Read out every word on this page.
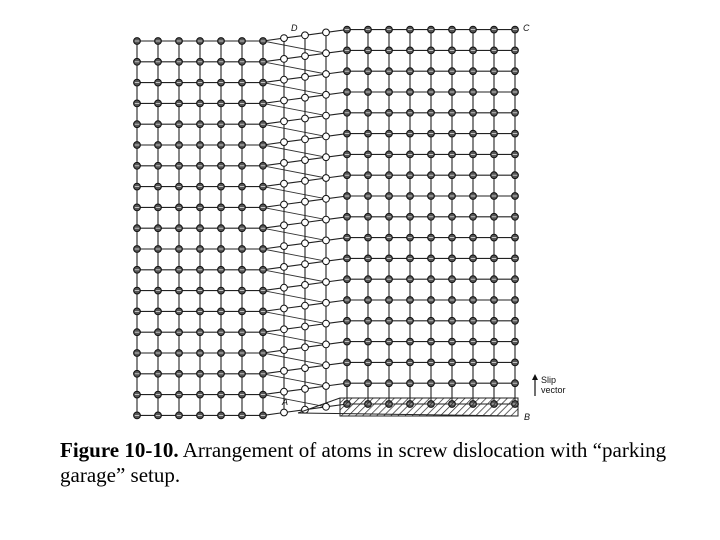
D	C
A
B
Slip
vector
Figure 10-10. Arrangement of atoms in screw dislocation with “parking garage” setup.
